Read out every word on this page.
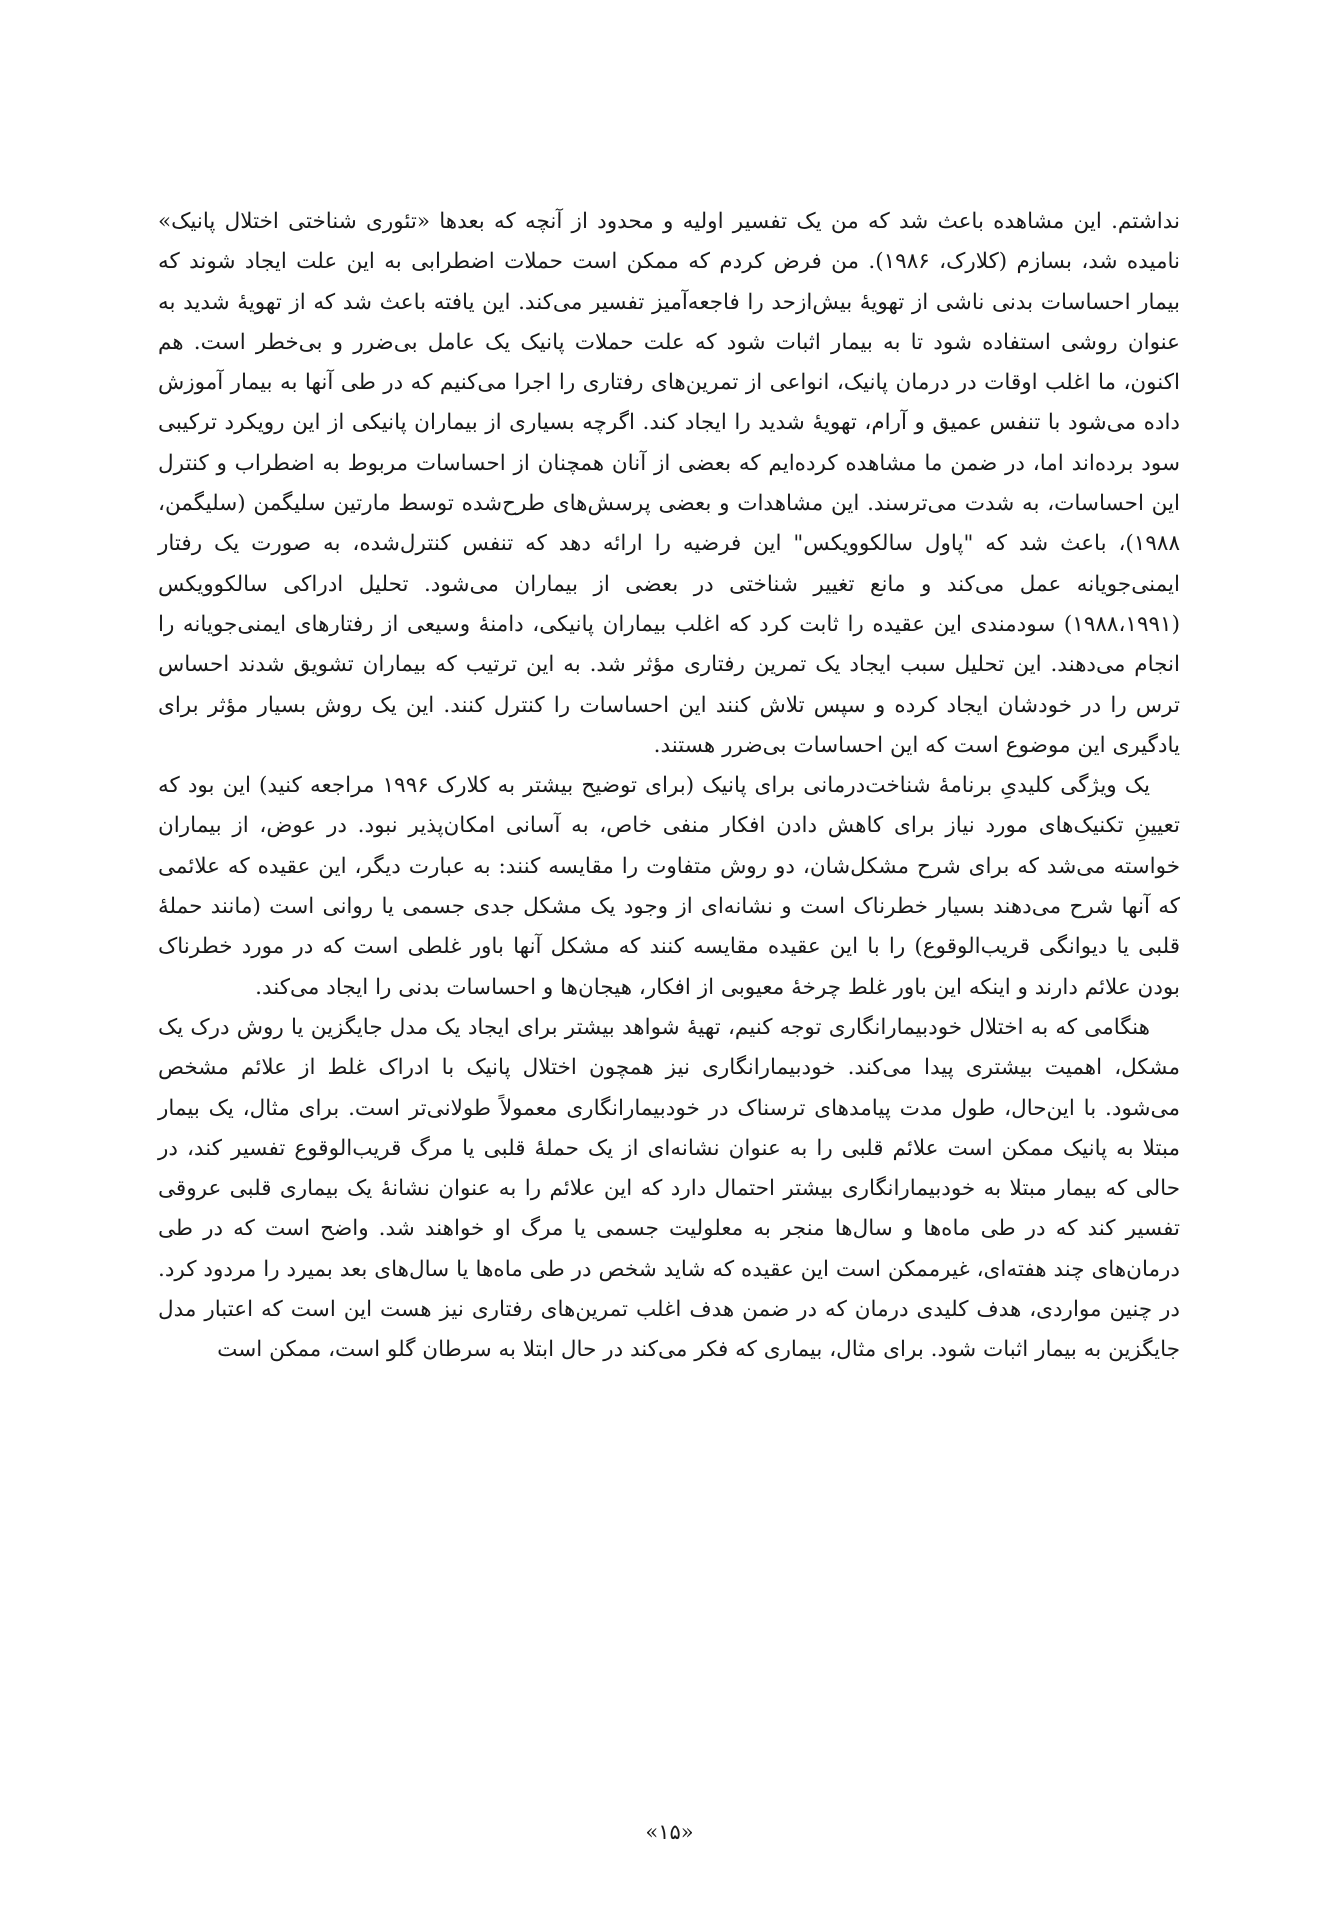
نداشتم. این مشاهده باعث شد که من یک تفسیر اولیه و محدود از آنچه که بعدها «تئوری شناختی اختلال پانیک» نامیده شد، بسازم (کلارک، ۱۹۸۶). من فرض کردم که ممکن است حملات اضطرابی به این علت ایجاد شوند که بیمار احساسات بدنی ناشی از تهویهٔ بیش‌ازحد را فاجعه‌آمیز تفسیر می‌کند. این یافته باعث شد که از تهویهٔ شدید به عنوان روشی استفاده شود تا به بیمار اثبات شود که علت حملات پانیک یک عامل بی‌ضرر و بی‌خطر است. هم اکنون، ما اغلب اوقات در درمان پانیک، انواعی از تمرین‌های رفتاری را اجرا می‌کنیم که در طی آنها به بیمار آموزش داده می‌شود با تنفس عمیق و آرام، تهویهٔ شدید را ایجاد کند. اگرچه بسیاری از بیماران پانیکی از این رویکرد ترکیبی سود برده‌اند اما، در ضمن ما مشاهده کرده‌ایم که بعضی از آنان همچنان از احساسات مربوط به اضطراب و کنترل این احساسات، به شدت می‌ترسند. این مشاهدات و بعضی پرسش‌های طرح‌شده توسط مارتین سلیگمن (سلیگمن، ۱۹۸۸)، باعث شد که "پاول سالکوویکس" این فرضیه را ارائه دهد که تنفس کنترل‌شده، به صورت یک رفتار ایمنی‌جویانه عمل می‌کند و مانع تغییر شناختی در بعضی از بیماران می‌شود. تحلیل ادراکی سالکوویکس (۱۹۸۸،۱۹۹۱) سودمندی این عقیده را ثابت کرد که اغلب بیماران پانیکی، دامنهٔ وسیعی از رفتارهای ایمنی‌جویانه را انجام می‌دهند. این تحلیل سبب ایجاد یک تمرین رفتاری مؤثر شد. به این ترتیب که بیماران تشویق شدند احساس ترس را در خودشان ایجاد کرده و سپس تلاش کنند این احساسات را کنترل کنند. این یک روش بسیار مؤثر برای یادگیری این موضوع است که این احساسات بی‌ضرر هستند.

یک ویژگی کلیدیِ برنامهٔ شناخت‌درمانی برای پانیک (برای توضیح بیشتر به کلارک ۱۹۹۶ مراجعه کنید) این بود که تعیینِ تکنیک‌های مورد نیاز برای کاهش دادن افکار منفی خاص، به آسانی امکان‌پذیر نبود. در عوض، از بیماران خواسته می‌شد که برای شرح مشکل‌شان، دو روش متفاوت را مقایسه کنند: به عبارت دیگر، این عقیده که علائمی که آنها شرح می‌دهند بسیار خطرناک است و نشانه‌ای از وجود یک مشکل جدی جسمی یا روانی است (مانند حملهٔ قلبی یا دیوانگی قریب‌الوقوع) را با این عقیده مقایسه کنند که مشکل آنها باور غلطی است که در مورد خطرناک بودن علائم دارند و اینکه این باور غلط چرخهٔ معیوبی از افکار، هیجان‌ها و احساسات بدنی را ایجاد می‌کند.

هنگامی که به اختلال خودبیمارانگاری توجه کنیم، تهیهٔ شواهد بیشتر برای ایجاد یک مدل جایگزین یا روش درک یک مشکل، اهمیت بیشتری پیدا می‌کند. خودبیمارانگاری نیز همچون اختلال پانیک با ادراک غلط از علائم مشخص می‌شود. با این‌حال، طول مدت پیامدهای ترسناک در خودبیمارانگاری معمولاً طولانی‌تر است. برای مثال، یک بیمار مبتلا به پانیک ممکن است علائم قلبی را به عنوان نشانه‌ای از یک حملهٔ قلبی یا مرگ قریب‌الوقوع تفسیر کند، در حالی که بیمار مبتلا به خودبیمارانگاری بیشتر احتمال دارد که این علائم را به عنوان نشانهٔ یک بیماری قلبی عروقی تفسیر کند که در طی ماه‌ها و سال‌ها منجر به معلولیت جسمی یا مرگ او خواهند شد. واضح است که در طی درمان‌های چند هفته‌ای، غیرممکن است این عقیده که شاید شخص در طی ماه‌ها یا سال‌های بعد بمیرد را مردود کرد. در چنین مواردی، هدف کلیدی درمان که در ضمن هدف اغلب تمرین‌های رفتاری نیز هست این است که اعتبار مدل جایگزین به بیمار اثبات شود. برای مثال، بیماری که فکر می‌کند در حال ابتلا به سرطان گلو است، ممکن است

«۱۵»
